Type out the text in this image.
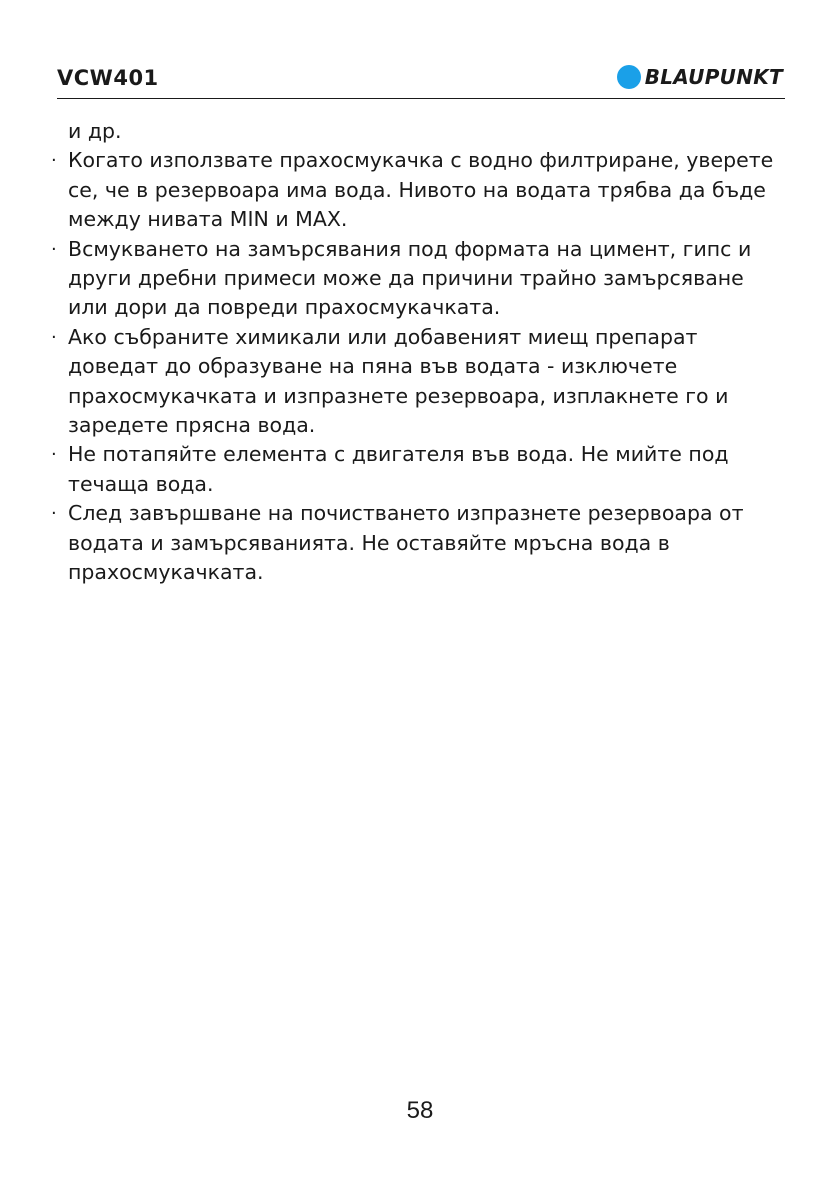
VCW401	BLAUPUNKT
и др.
· Когато използвате прахосмукачка с водно филтриране, уверете се, че в резервоара има вода. Нивото на водата трябва да бъде между нивата MIN и MAX.
· Всмукването на замърсявания под формата на цимент, гипс и други дребни примеси може да причини трайно замърсяване или дори да повреди прахосмукачката.
· Ако събраните химикали или добавеният миещ препарат доведат до образуване на пяна във водата - изключете прахосмукачката и изпразнете резервоара, изплакнете го и заредете прясна вода.
· Не потапяйте елемента с двигателя във вода. Не мийте под течаща вода.
· След завършване на почистването изпразнете резервоара от водата и замърсяванията. Не оставяйте мръсна вода в прахосмукачката.
58
